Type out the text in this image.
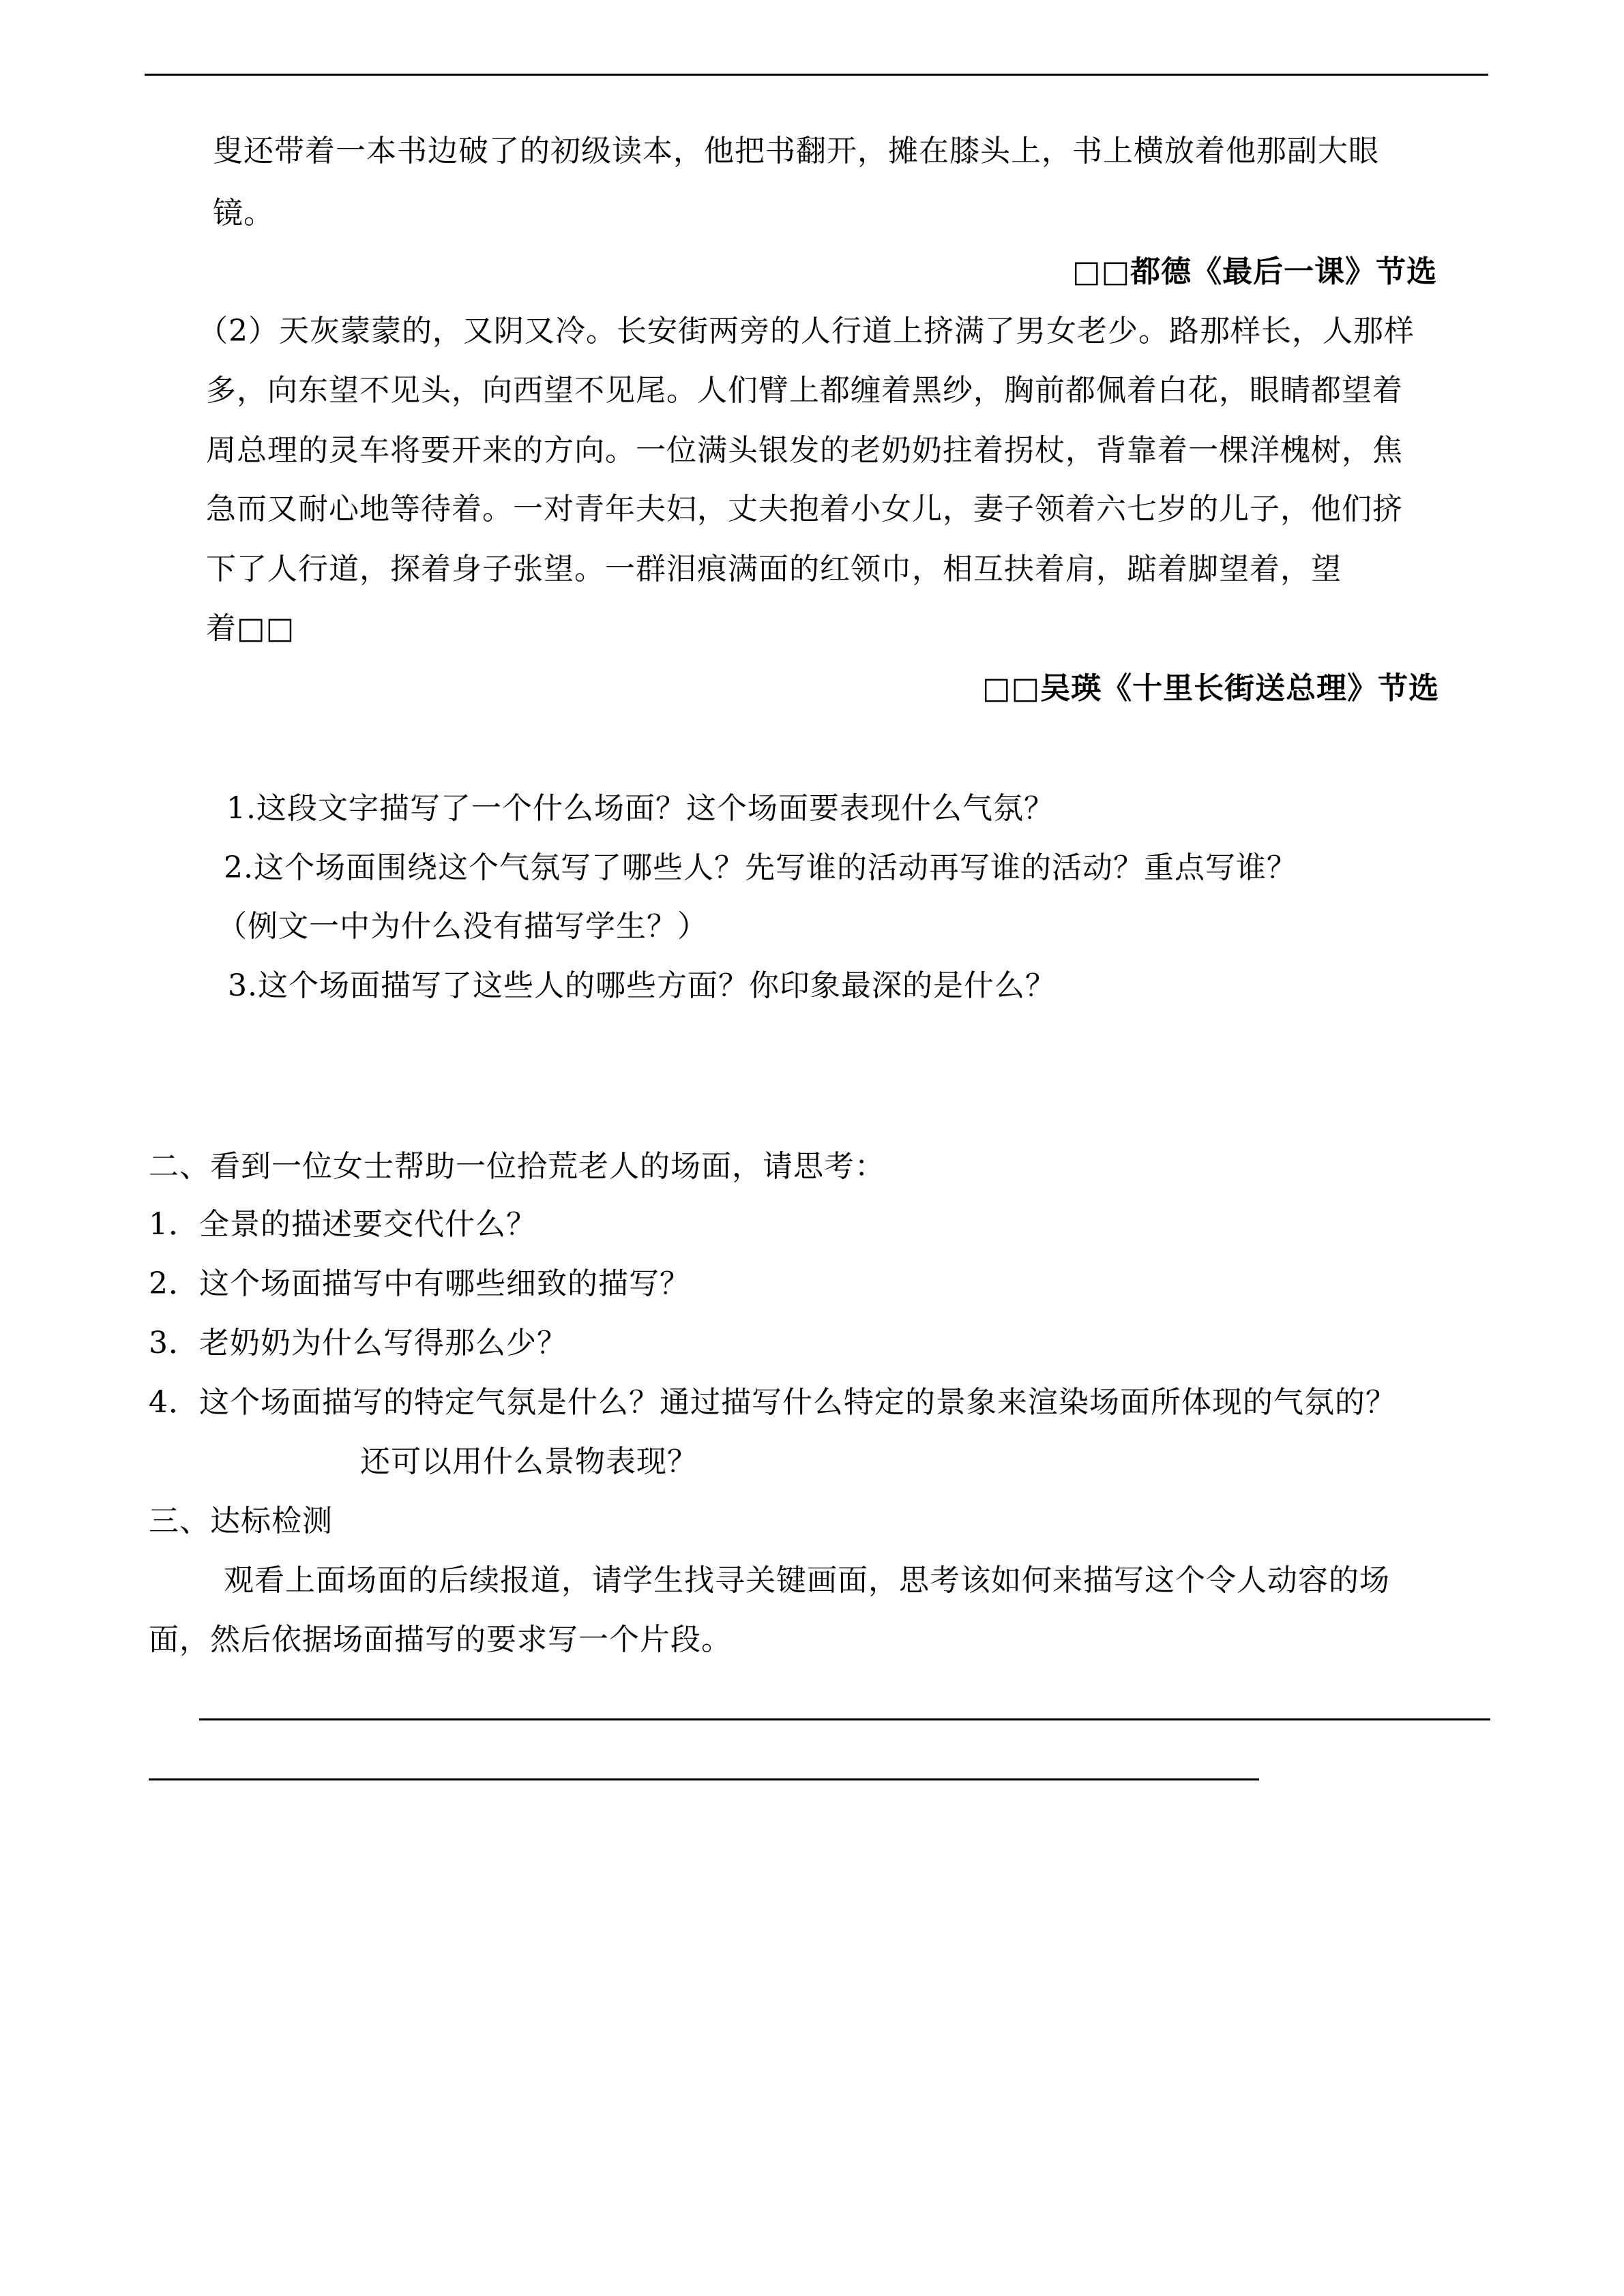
叟还带着一本书边破了的初级读本，他把书翻开，摊在膝头上，书上横放着他那副大眼
镜。
□□都德《最后一课》节选
（2）天灰蒙蒙的，又阴又冷。长安街两旁的人行道上挤满了男女老少。路那样长，人那样
多，向东望不见头，向西望不见尾。人们臂上都缠着黑纱，胸前都佩着白花，眼睛都望着
周总理的灵车将要开来的方向。一位满头银发的老奶奶拄着拐杖，背靠着一棵洋槐树，焦
急而又耐心地等待着。一对青年夫妇，丈夫抱着小女儿，妻子领着六七岁的儿子，他们挤
下了人行道，探着身子张望。一群泪痕满面的红领巾，相互扶着肩，踮着脚望着，望
着□□
□□吴瑛《十里长街送总理》节选
1.这段文字描写了一个什么场面？这个场面要表现什么气氛？
2.这个场面围绕这个气氛写了哪些人？先写谁的活动再写谁的活动？重点写谁？
（例文一中为什么没有描写学生？）
3.这个场面描写了这些人的哪些方面？你印象最深的是什么？
二、看到一位女士帮助一位拾荒老人的场面，请思考：
1．全景的描述要交代什么？
2．这个场面描写中有哪些细致的描写？
3．老奶奶为什么写得那么少？
4．这个场面描写的特定气氛是什么？通过描写什么特定的景象来渲染场面所体现的气氛的？
还可以用什么景物表现？
三、达标检测
观看上面场面的后续报道，请学生找寻关键画面，思考该如何来描写这个令人动容的场
面，然后依据场面描写的要求写一个片段。
